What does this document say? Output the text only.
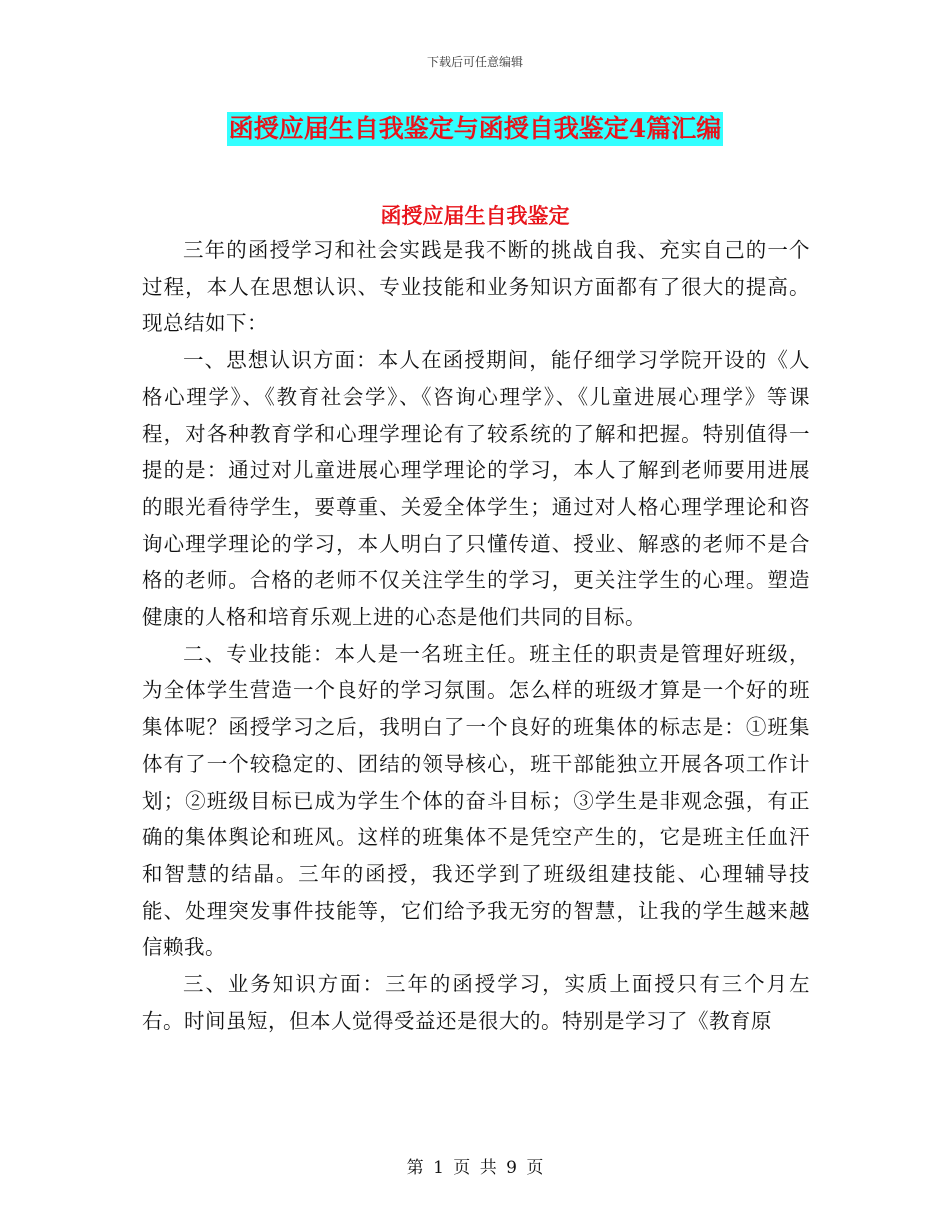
下载后可任意编辑
函授应届生自我鉴定与函授自我鉴定4篇汇编
函授应届生自我鉴定

三年的函授学习和社会实践是我不断的挑战自我、充实自己的一个过程，本人在思想认识、专业技能和业务知识方面都有了很大的提高。现总结如下：

一、思想认识方面：本人在函授期间，能仔细学习学院开设的《人格心理学》、《教育社会学》、《咨询心理学》、《儿童进展心理学》等课程，对各种教育学和心理学理论有了较系统的了解和把握。特别值得一提的是：通过对儿童进展心理学理论的学习，本人了解到老师要用进展的眼光看待学生，要尊重、关爱全体学生；通过对人格心理学理论和咨询心理学理论的学习，本人明白了只懂传道、授业、解惑的老师不是合格的老师。合格的老师不仅关注学生的学习，更关注学生的心理。塑造健康的人格和培育乐观上进的心态是他们共同的目标。

二、专业技能：本人是一名班主任。班主任的职责是管理好班级，为全体学生营造一个良好的学习氛围。怎么样的班级才算是一个好的班集体呢？函授学习之后，我明白了一个良好的班集体的标志是：①班集体有了一个较稳定的、团结的领导核心，班干部能独立开展各项工作计划；②班级目标已成为学生个体的奋斗目标；③学生是非观念强，有正确的集体舆论和班风。这样的班集体不是凭空产生的，它是班主任血汗和智慧的结晶。三年的函授，我还学到了班级组建技能、心理辅导技能、处理突发事件技能等，它们给予我无穷的智慧，让我的学生越来越信赖我。

三、业务知识方面：三年的函授学习，实质上面授只有三个月左右。时间虽短，但本人觉得受益还是很大的。特别是学习了《教育原

第 1 页 共 9 页
